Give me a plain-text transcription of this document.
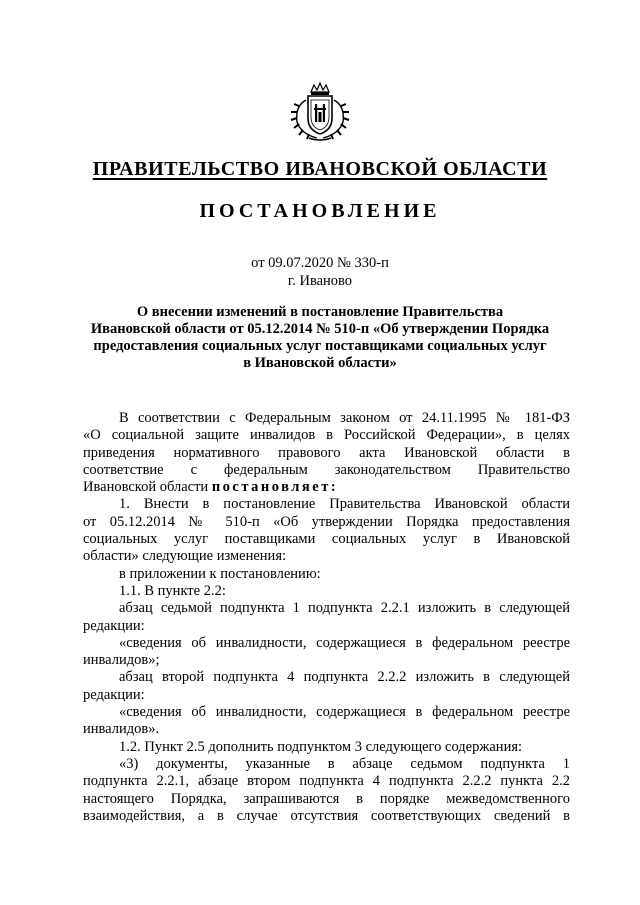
ПРАВИТЕЛЬСТВО ИВАНОВСКОЙ ОБЛАСТИ
ПОСТАНОВЛЕНИЕ
от 09.07.2020 № 330-п
г. Иваново
О внесении изменений в постановление Правительства
Ивановской области от 05.12.2014 № 510-п «Об утверждении Порядка
предоставления социальных услуг поставщиками социальных услуг
в Ивановской области»

В соответствии с Федеральным законом от 24.11.1995 № 181-ФЗ

«О социальной защите инвалидов в Российской Федерации», в целях

приведения нормативного правового акта Ивановской области в

соответствие с федеральным законодательством Правительство

Ивановской области постановляет:

1. Внести в постановление Правительства Ивановской области

от 05.12.2014 № 510-п «Об утверждении Порядка предоставления

социальных услуг поставщиками социальных услуг в Ивановской

области» следующие изменения:

в приложении к постановлению:

1.1. В пункте 2.2:

абзац седьмой подпункта 1 подпункта 2.2.1 изложить в следующей

редакции:

«сведения об инвалидности, содержащиеся в федеральном реестре

инвалидов»;

абзац второй подпункта 4 подпункта 2.2.2 изложить в следующей

редакции:

«сведения об инвалидности, содержащиеся в федеральном реестре

инвалидов».

1.2. Пункт 2.5 дополнить подпунктом 3 следующего содержания:

«3) документы, указанные в абзаце седьмом подпункта 1

подпункта 2.2.1, абзаце втором подпункта 4 подпункта 2.2.2 пункта 2.2

настоящего Порядка, запрашиваются в порядке межведомственного

взаимодействия, а в случае отсутствия соответствующих сведений в
